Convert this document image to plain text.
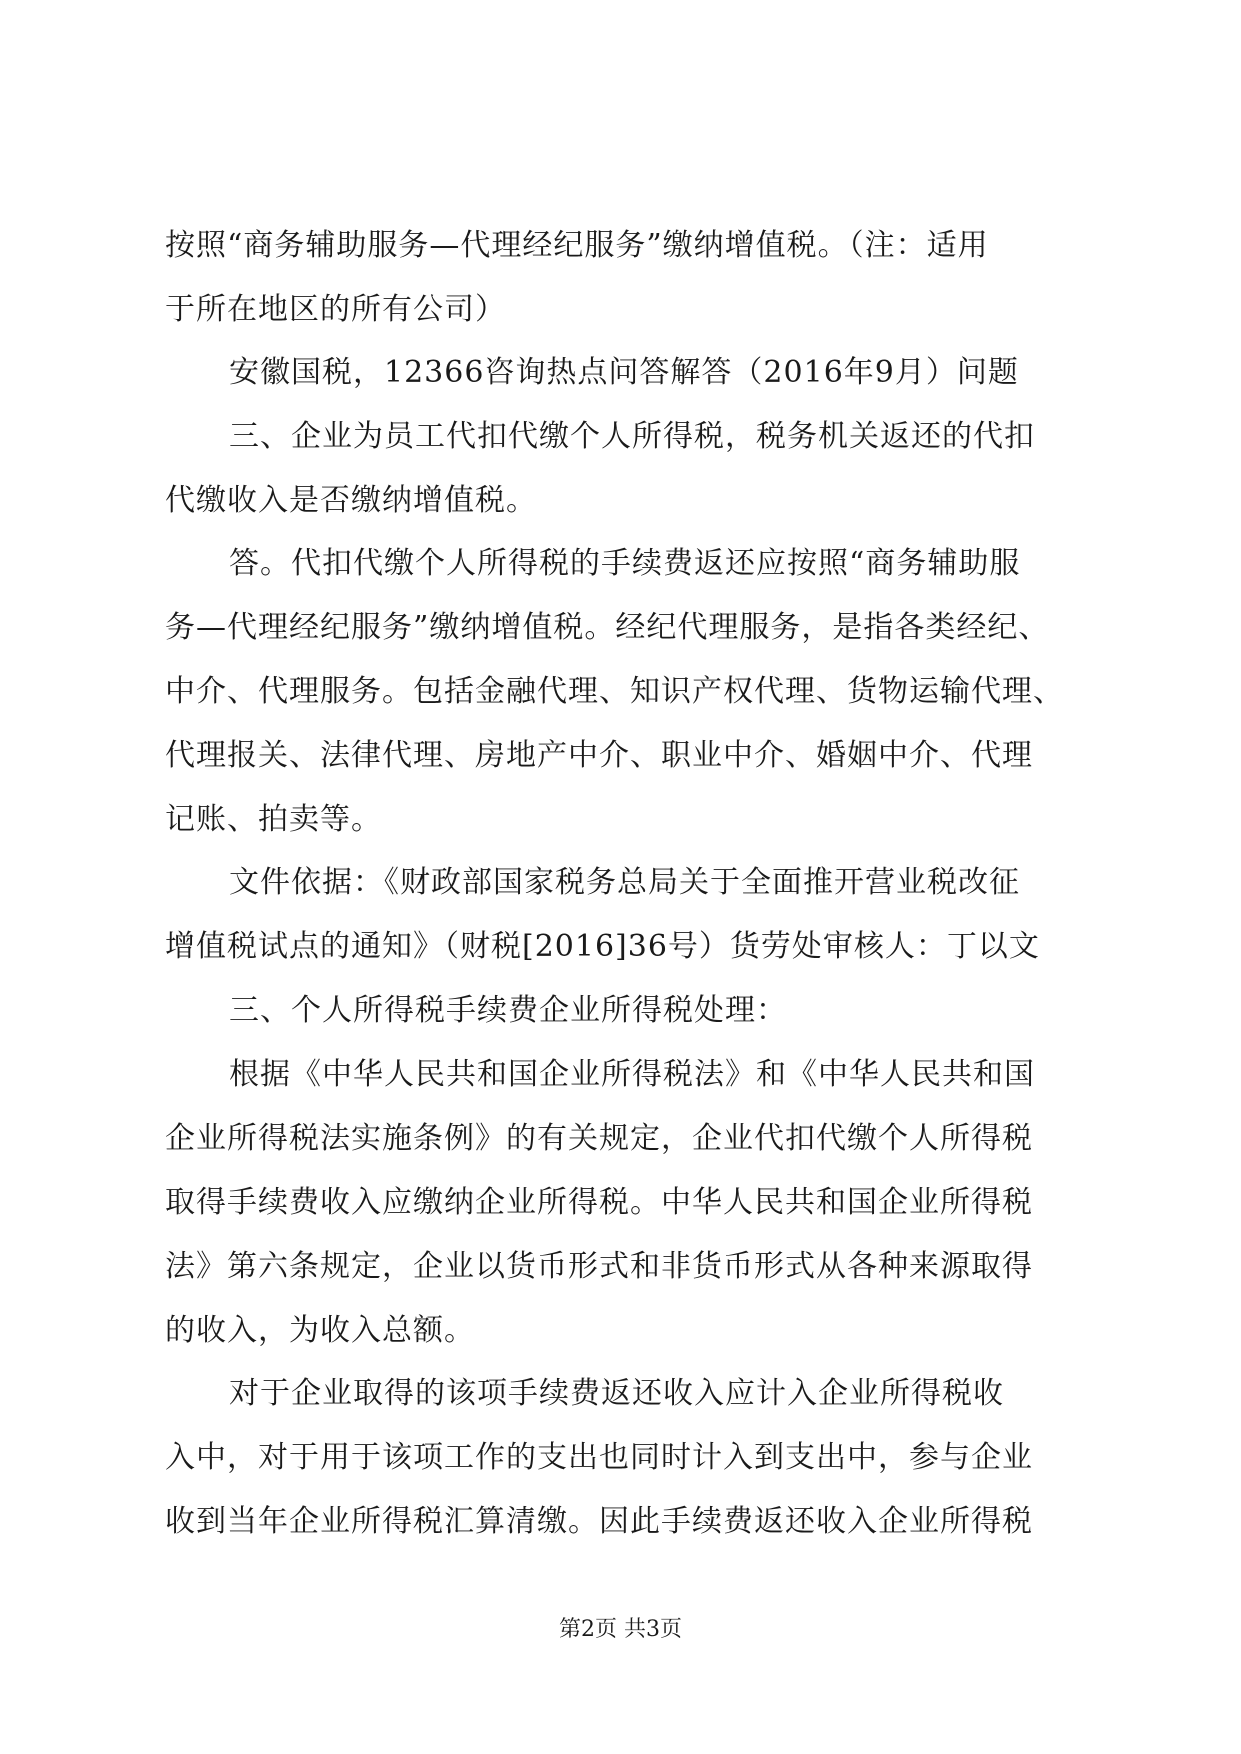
按照“商务辅助服务—代理经纪服务”缴纳增值税。（注：适用

于所在地区的所有公司）

安徽国税，12366咨询热点问答解答（2016年9月）问题

三、企业为员工代扣代缴个人所得税，税务机关返还的代扣

代缴收入是否缴纳增值税。

答。代扣代缴个人所得税的手续费返还应按照“商务辅助服

务—代理经纪服务”缴纳增值税。经纪代理服务，是指各类经纪、

中介、代理服务。包括金融代理、知识产权代理、货物运输代理、

代理报关、法律代理、房地产中介、职业中介、婚姻中介、代理

记账、拍卖等。

文件依据：《财政部国家税务总局关于全面推开营业税改征

增值税试点的通知》（财税[2016]36号）货劳处审核人：丁以文

三、个人所得税手续费企业所得税处理：

根据《中华人民共和国企业所得税法》和《中华人民共和国

企业所得税法实施条例》的有关规定，企业代扣代缴个人所得税

取得手续费收入应缴纳企业所得税。中华人民共和国企业所得税

法》第六条规定，企业以货币形式和非货币形式从各种来源取得

的收入，为收入总额。

对于企业取得的该项手续费返还收入应计入企业所得税收

入中，对于用于该项工作的支出也同时计入到支出中，参与企业

收到当年企业所得税汇算清缴。因此手续费返还收入企业所得税

第2页 共3页
